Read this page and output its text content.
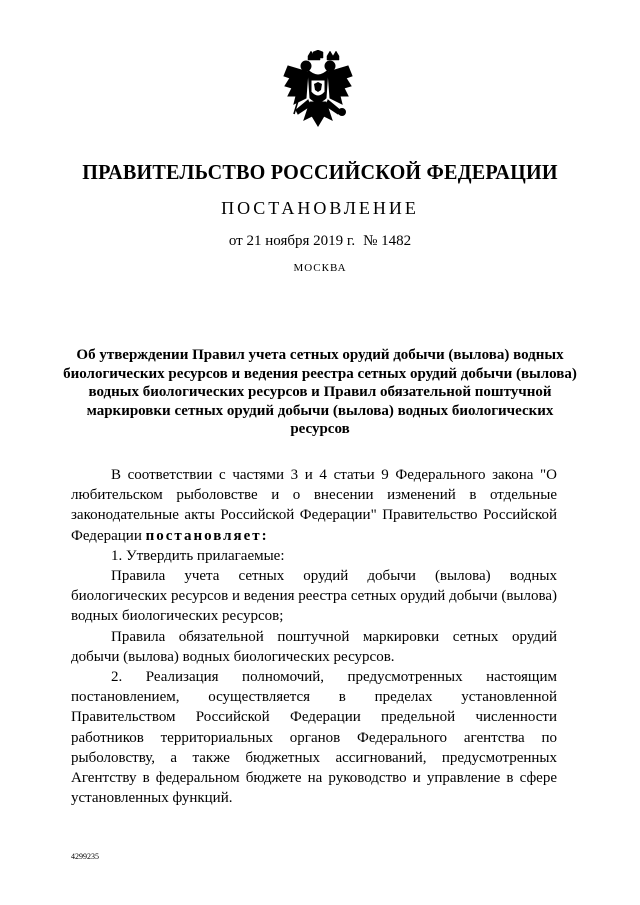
ПРАВИТЕЛЬСТВО РОССИЙСКОЙ ФЕДЕРАЦИИ
ПОСТАНОВЛЕНИЕ
от 21 ноября 2019 г. № 1482
МОСКВА
Об утверждении Правил учета сетных орудий добычи (вылова) водных биологических ресурсов и ведения реестра сетных орудий добычи (вылова) водных биологических ресурсов и Правил обязательной поштучной маркировки сетных орудий добычи (вылова) водных биологических ресурсов

В соответствии с частями 3 и 4 статьи 9 Федерального закона "О любительском рыболовстве и о внесении изменений в отдельные законодательные акты Российской Федерации" Правительство Российской Федерации постановляет:

1. Утвердить прилагаемые:

Правила учета сетных орудий добычи (вылова) водных биологических ресурсов и ведения реестра сетных орудий добычи (вылова) водных биологических ресурсов;

Правила обязательной поштучной маркировки сетных орудий добычи (вылова) водных биологических ресурсов.

2. Реализация полномочий, предусмотренных настоящим постановлением, осуществляется в пределах установленной Правительством Российской Федерации предельной численности работников территориальных органов Федерального агентства по рыболовству, а также бюджетных ассигнований, предусмотренных Агентству в федеральном бюджете на руководство и управление в сфере установленных функций.

4299235
